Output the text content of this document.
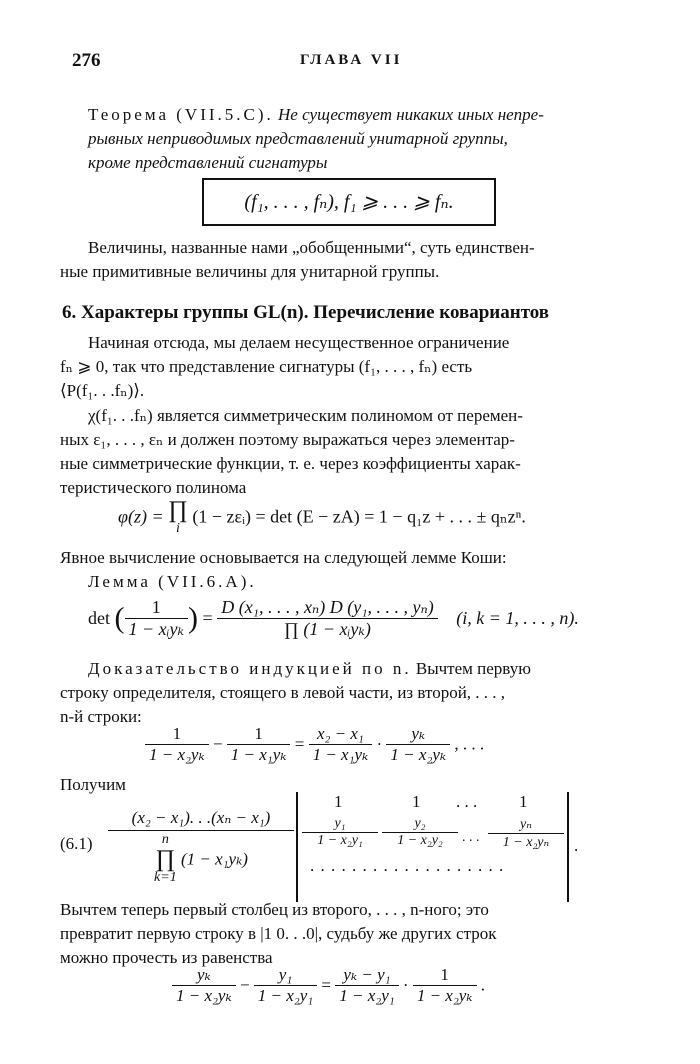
276	ГЛАВА VII
Теорема (VII.5.C). Не существует никаких иных непре-
рывных неприводимых представлений унитарной группы,
кроме представлений сигнатуры
(f₁, . . . , fₙ), f₁ ⩾ . . . ⩾ fₙ.
Величины, названные нами „обобщенными“, суть единствен-
ные примитивные величины для унитарной группы.
6. Характеры группы GL(n). Перечисление ковариантов
Начиная отсюда, мы делаем несущественное ограничение
fₙ ⩾ 0, так что представление сигнатуры (f₁, . . . , fₙ) есть
⟨P(f₁. . .fₙ)⟩.
χ(f₁. . .fₙ) является симметрическим полиномом от перемен-
ных ε₁, . . . , εₙ и должен поэтому выражаться через элементар-
ные симметрические функции, т. е. через коэффициенты харак-
теристического полинома
φ(z) = ∏
i
(1 − zεᵢ) = det (E − zA) = 1 − q₁z + . . . ± qₙzⁿ.
Явное вычисление основывается на следующей лемме Коши:
Лемма (VII.6.A).
det ( $\frac{1}{\text{1 − xᵢyₖ}}$ ) = $\frac{\text{D (x₁, . . . , xₙ) D (y₁, . . . , yₙ)}}{\text{∏ (1 − xᵢyₖ)}} (i$, k = 1, . . . , n).
Доказательство индукцией по n. Вычтем первую
строку определителя, стоящего в левой части, из второй, . . . ,
n-й строки:
$\frac{1}{\text{1 − x₂yₖ}} - \frac{1}{\text{1 − x₁yₖ}} = \frac{\text{x₂ − x₁}}{\text{1 − x₁yₖ}} \cdot \frac{\text{yₖ}}{\text{1 − x₂yₖ}}$ , . . .
Получим
(6.1) (x₂ − x₁). . .(xₙ − x₁)
n
∏
k=1
(1 − x₁yₖ)	.
1	1 . . . 1
$\frac{\text{y₁}}{\text{1 − x₂y₁}} \frac{\text{y₂}}{\text{1 − x₂y₂}}$ . . . $\frac{\text{yₙ}}{\text{1 − x₂yₙ}}$
. . . . . . . . . . . . . . . . . . .
Вычтем теперь первый столбец из второго, . . . , n-ного; это
превратит первую строку в |1 0. . .0|, судьбу же других строк
можно прочесть из равенства
$\frac{\text{yₖ}}{\text{1 − x₂yₖ}} - \frac{\text{y₁}}{\text{1 − x₂y₁}} = \frac{\text{yₖ − y₁}}{\text{1 − x₂y₁}} \cdot \frac{1}{\text{1 − x₂yₖ}}$ .
